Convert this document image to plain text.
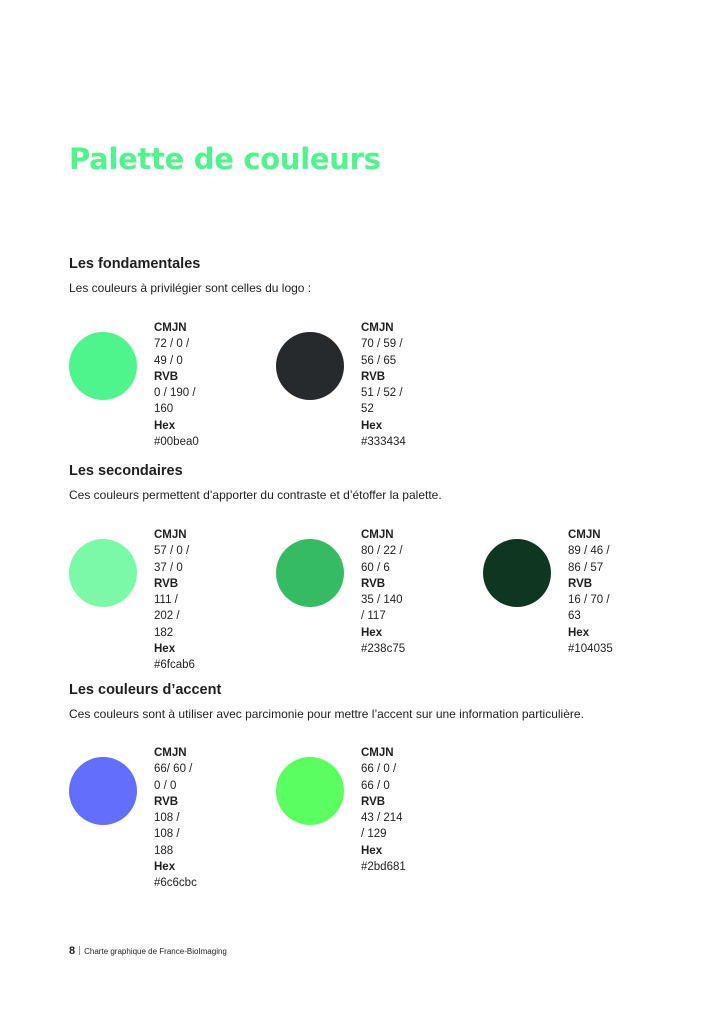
Palette de couleurs
Les fondamentales

Les couleurs à privilégier sont celles du logo :

CMJN
72 / 0 / 49 / 0
RVB
0 / 190 / 160
Hex
#00bea0
CMJN
70 / 59 / 56 / 65
RVB
51 / 52 / 52
Hex
#333434
Les secondaires

Ces couleurs permettent d’apporter du contraste et d’étoffer la palette.

CMJN
57 / 0 / 37 / 0
RVB
111 / 202 / 182
Hex
#6fcab6
CMJN
80 / 22 / 60 / 6
RVB
35 / 140 / 117
Hex
#238c75
CMJN
89 / 46 / 86 / 57
RVB
16 / 70 / 63
Hex
#104035
Les couleurs d’accent

Ces couleurs sont à utiliser avec parcimonie pour mettre l’accent sur une information particulière.

CMJN
66/ 60 / 0 / 0
RVB
108 / 108 / 188
Hex
#6c6cbc
CMJN
66 / 0 / 66 / 0
RVB
43 / 214 / 129
Hex
#2bd681
8 Charte graphique de France-BioImaging
